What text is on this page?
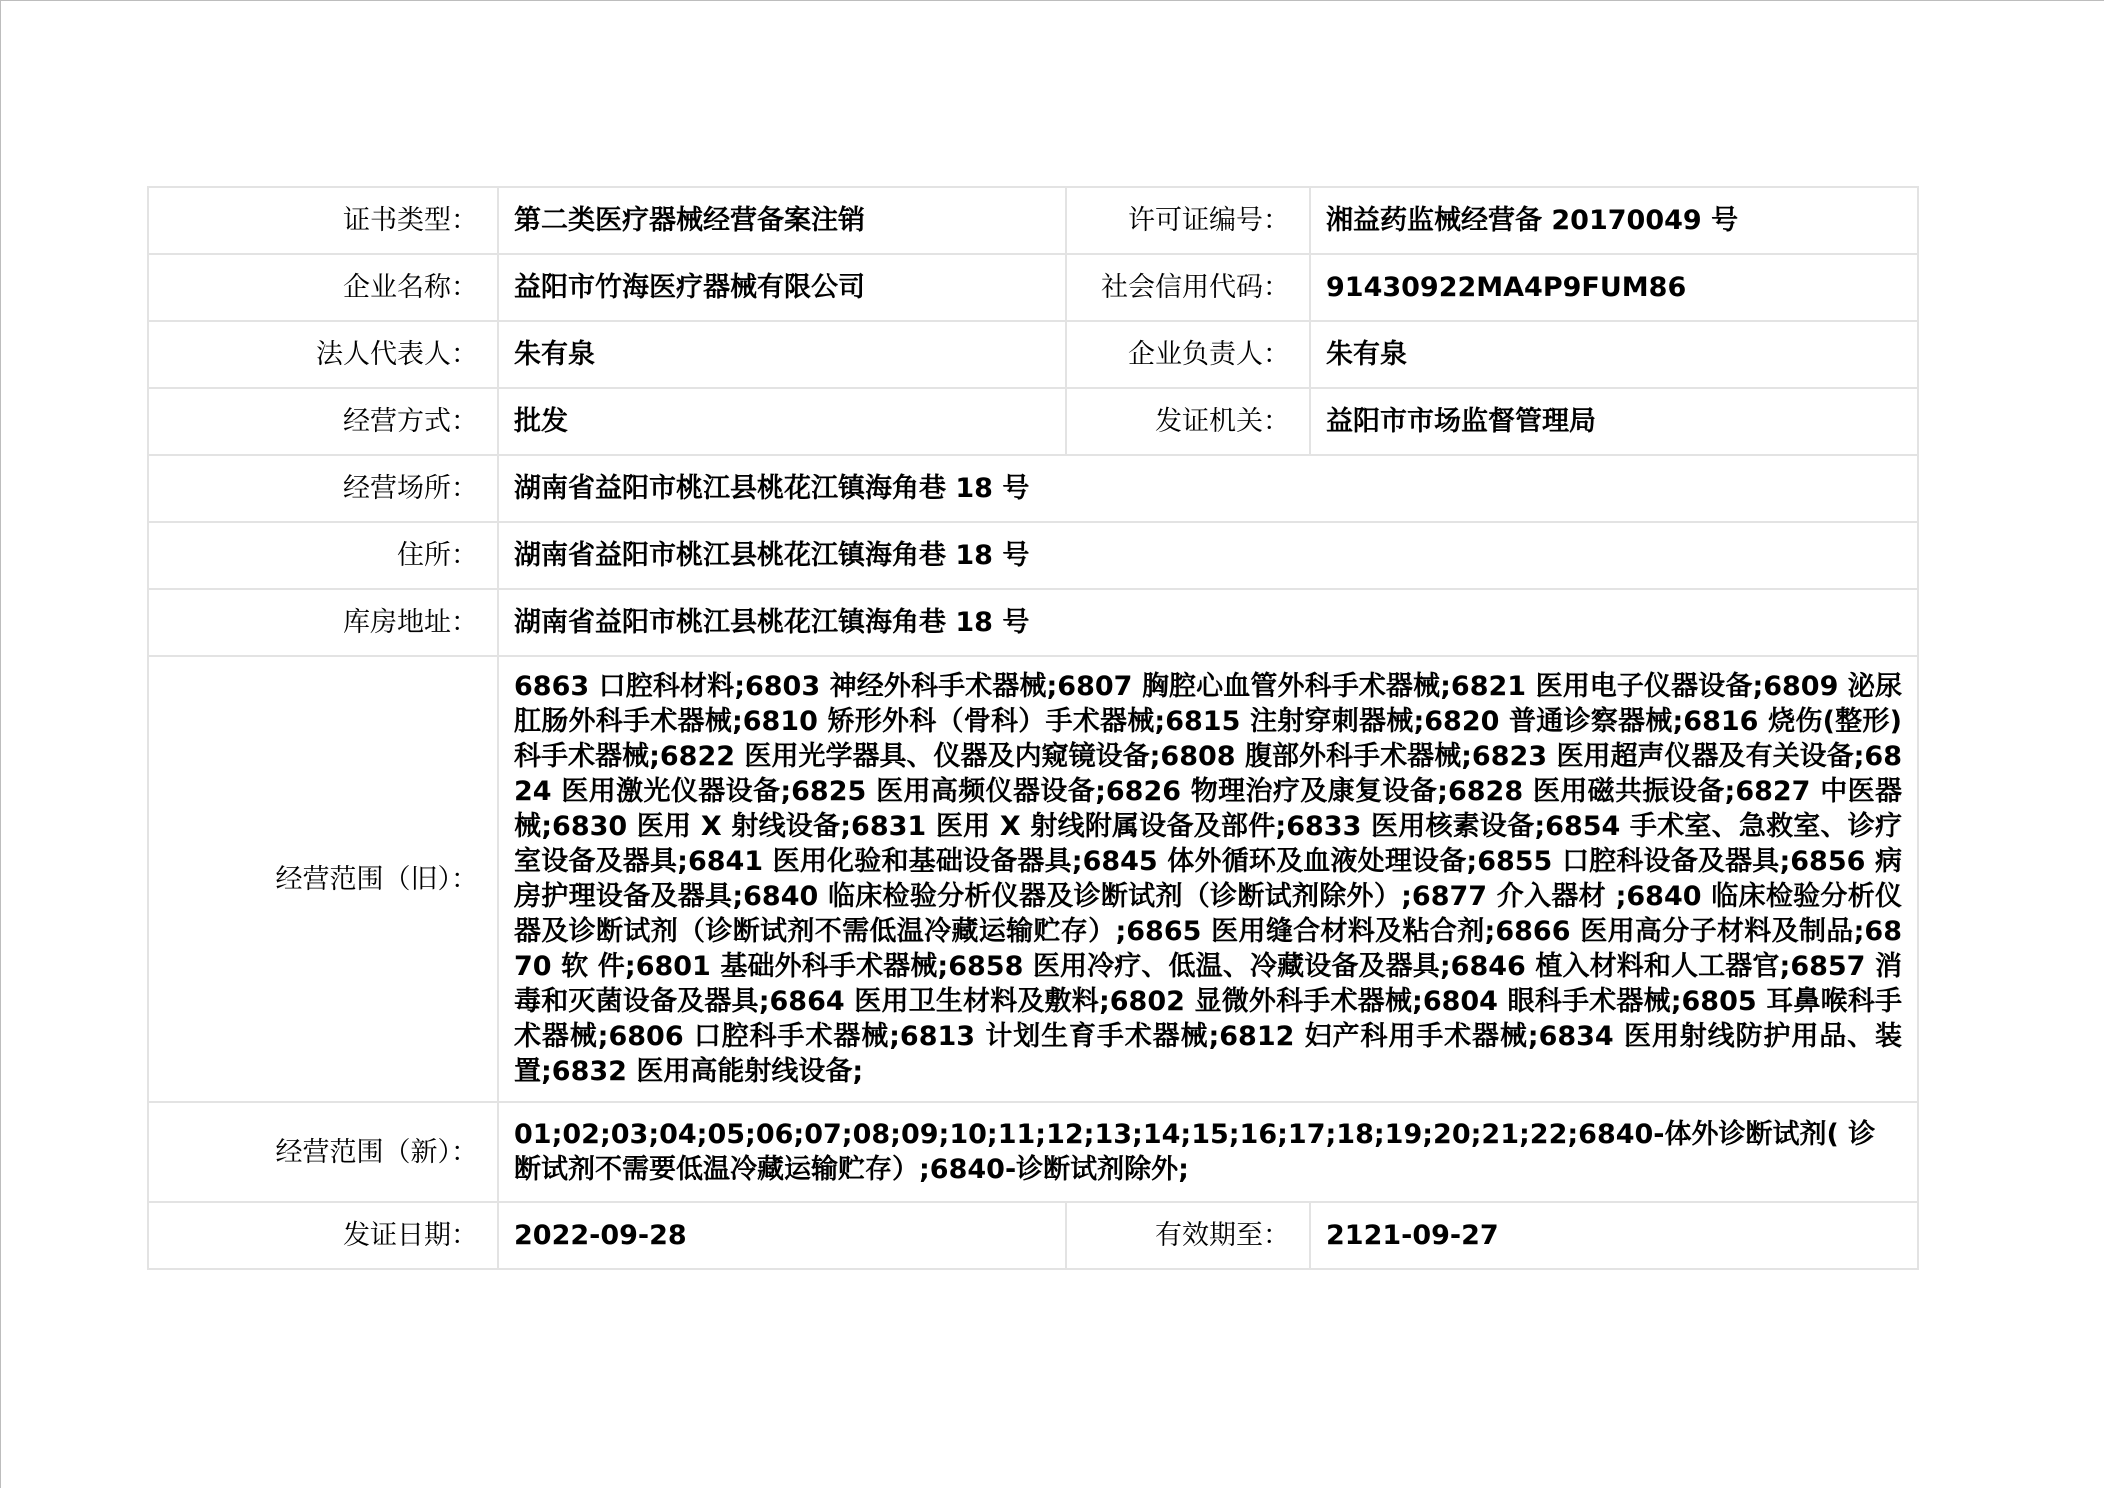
证书类型：	第二类医疗器械经营备案注销	许可证编号：	湘益药监械经营备 20170049 号
企业名称：	益阳市竹海医疗器械有限公司	社会信用代码：	91430922MA4P9FUM86
法人代表人：	朱有泉	企业负责人：	朱有泉
经营方式：	批发	发证机关：	益阳市市场监督管理局
经营场所：	湖南省益阳市桃江县桃花江镇海角巷 18 号		
住所：	湖南省益阳市桃江县桃花江镇海角巷 18 号		
库房地址：	湖南省益阳市桃江县桃花江镇海角巷 18 号		
经营范围（旧）：	6863 口腔科材料;6803 神经外科手术器械;6807 胸腔心血管外科手术器械;6821 医用电子仪器设备;6809 泌尿肛肠外科手术器械;6810 矫形外科（骨科）手术器械;6815 注射穿刺器械;6820 普通诊察器械;6816 烧伤(整形)科手术器械;6822 医用光学器具、仪器及内窥镜设备;6808 腹部外科手术器械;6823 医用超声仪器及有关设备;6824 医用激光仪器设备;6825 医用高频仪器设备;6826 物理治疗及康复设备;6828 医用磁共振设备;6827 中医器械;6830 医用 X 射线设备;6831 医用 X 射线附属设备及部件;6833 医用核素设备;6854 手术室、急救室、诊疗室设备及器具;6841 医用化验和基础设备器具;6845 体外循环及血液处理设备;6855 口腔科设备及器具;6856 病房护理设备及器具;6840 临床检验分析仪器及诊断试剂（诊断试剂除外）;6877 介入器材 ;6840 临床检验分析仪器及诊断试剂（诊断试剂不需低温冷藏运输贮存）;6865 医用缝合材料及粘合剂;6866 医用高分子材料及制品;6870 软 件;6801 基础外科手术器械;6858 医用冷疗、低温、冷藏设备及器具;6846 植入材料和人工器官;6857 消毒和灭菌设备及器具;6864 医用卫生材料及敷料;6802 显微外科手术器械;6804 眼科手术器械;6805 耳鼻喉科手术器械;6806 口腔科手术器械;6813 计划生育手术器械;6812 妇产科用手术器械;6834 医用射线防护用品、装置;6832 医用高能射线设备;		
经营范围（新）：	01;02;03;04;05;06;07;08;09;10;11;12;13;14;15;16;17;18;19;20;21;22;6840-体外诊断试剂( 诊断试剂不需要低温冷藏运输贮存）;6840-诊断试剂除外;		
发证日期：	2022-09-28	有效期至：	2121-09-27
